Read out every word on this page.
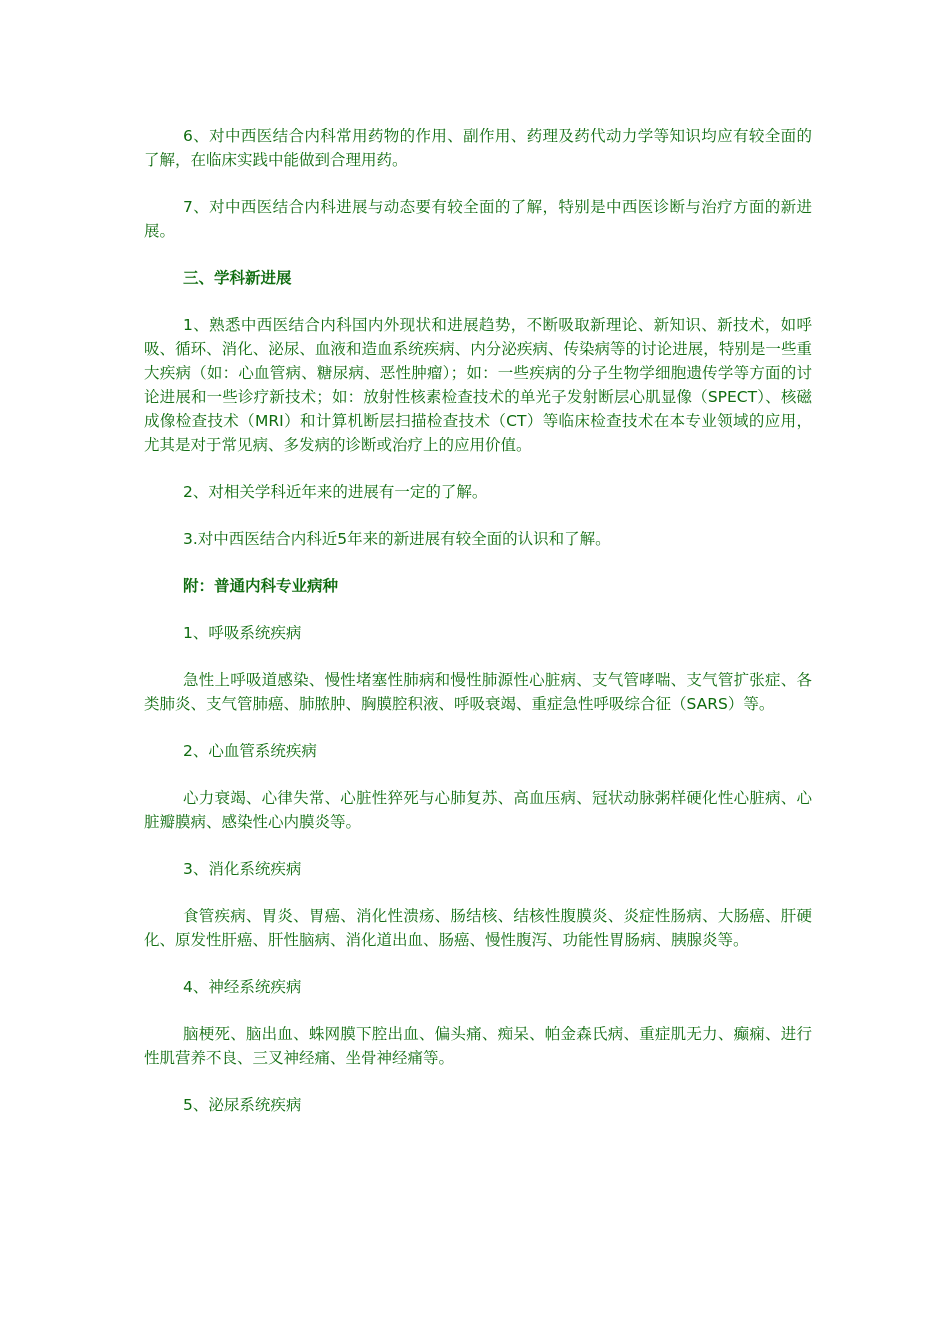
6、对中西医结合内科常用药物的作用、副作用、药理及药代动力学等知识均应有较全面的了解，在临床实践中能做到合理用药。

7、对中西医结合内科进展与动态要有较全面的了解，特别是中西医诊断与治疗方面的新进展。

三、学科新进展

1、熟悉中西医结合内科国内外现状和进展趋势，不断吸取新理论、新知识、新技术，如呼吸、循环、消化、泌尿、血液和造血系统疾病、内分泌疾病、传染病等的讨论进展，特别是一些重大疾病（如：心血管病、糖尿病、恶性肿瘤）；如：一些疾病的分子生物学细胞遗传学等方面的讨论进展和一些诊疗新技术；如：放射性核素检查技术的单光子发射断层心肌显像（SPECT）、核磁成像检查技术（MRI）和计算机断层扫描检查技术（CT）等临床检查技术在本专业领域的应用，尤其是对于常见病、多发病的诊断或治疗上的应用价值。

2、对相关学科近年来的进展有一定的了解。

3.对中西医结合内科近5年来的新进展有较全面的认识和了解。

附：普通内科专业病种

1、呼吸系统疾病

急性上呼吸道感染、慢性堵塞性肺病和慢性肺源性心脏病、支气管哮喘、支气管扩张症、各类肺炎、支气管肺癌、肺脓肿、胸膜腔积液、呼吸衰竭、重症急性呼吸综合征（SARS）等。

2、心血管系统疾病

心力衰竭、心律失常、心脏性猝死与心肺复苏、高血压病、冠状动脉粥样硬化性心脏病、心脏瓣膜病、感染性心内膜炎等。

3、消化系统疾病

食管疾病、胃炎、胃癌、消化性溃疡、肠结核、结核性腹膜炎、炎症性肠病、大肠癌、肝硬化、原发性肝癌、肝性脑病、消化道出血、肠癌、慢性腹泻、功能性胃肠病、胰腺炎等。

4、神经系统疾病

脑梗死、脑出血、蛛网膜下腔出血、偏头痛、痴呆、帕金森氏病、重症肌无力、癫痫、进行性肌营养不良、三叉神经痛、坐骨神经痛等。

5、泌尿系统疾病
